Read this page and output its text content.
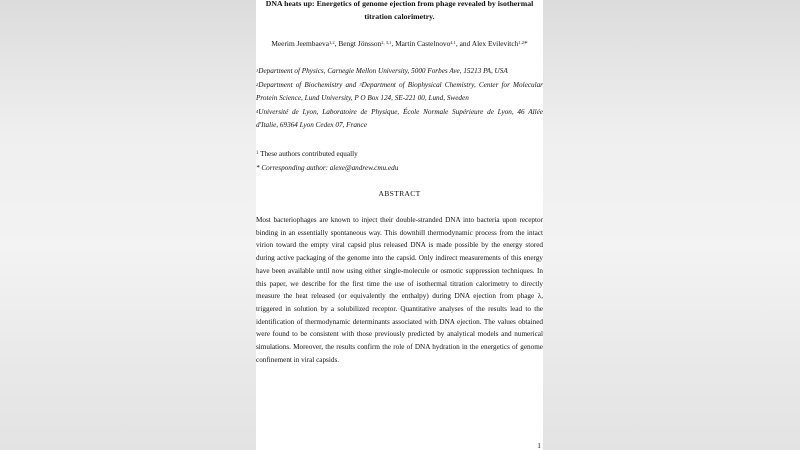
DNA heats up: Energetics of genome ejection from phage revealed by isothermal titration calorimetry.
Meerim Jeembaeva$^{1,2}$, Bengt Jönsson$^{2, 3,1}$, Martin Castelnovo$^{4,1}$, and Alex Evilevitch$^{1,2}$*

$^1$Department of Physics, Carnegie Mellon University, 5000 Forbes Ave, 15213 PA, USA

$^2$Department of Biochemistry and $^3$Department of Biophysical Chemistry, Center for Molecular Protein Science, Lund University, P O Box 124, SE-221 00, Lund, Sweden

$^4$Université de Lyon, Laboratoire de Physique, École Normale Supérieure de Lyon, 46 Allée d'Italie, 69364 Lyon Cedex 07, France

$^1$ These authors contributed equally
* Corresponding author: alexe@andrew.cmu.edu
ABSTRACT
Most bacteriophages are known to inject their double-stranded DNA into bacteria upon receptor binding in an essentially spontaneous way. This downhill thermodynamic process from the intact virion toward the empty viral capsid plus released DNA is made possible by the energy stored during active packaging of the genome into the capsid. Only indirect measurements of this energy have been available until now using either single-molecule or osmotic suppression techniques. In this paper, we describe for the first time the use of isothermal titration calorimetry to directly measure the heat released (or equivalently the enthalpy) during DNA ejection from phage λ, triggered in solution by a solubilized receptor. Quantitative analyses of the results lead to the identification of thermodynamic determinants associated with DNA ejection. The values obtained were found to be consistent with those previously predicted by analytical models and numerical simulations. Moreover, the results confirm the role of DNA hydration in the energetics of genome confinement in viral capsids.
1
